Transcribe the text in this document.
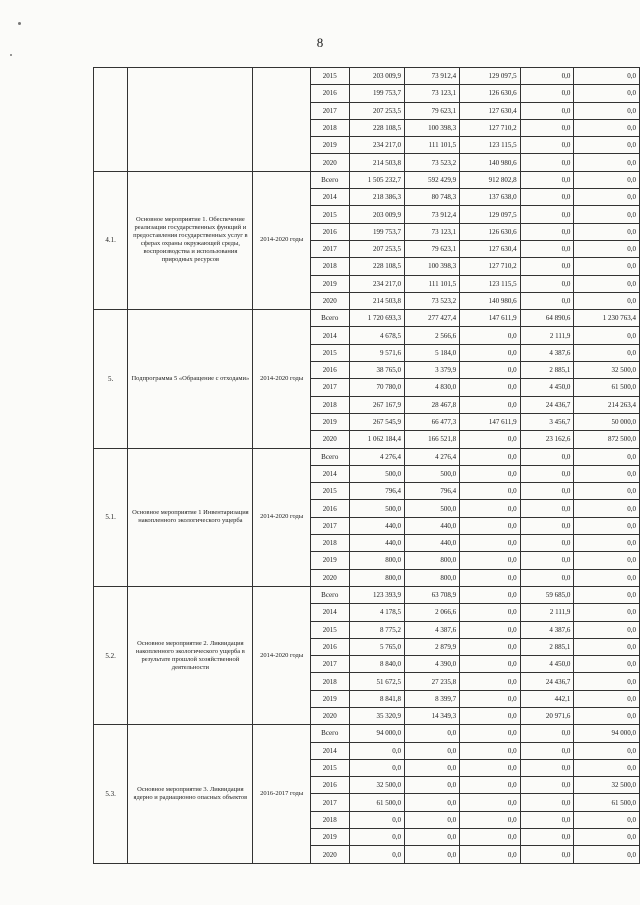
8
			2015	203 009,9	73 912,4	129 097,5	0,0	0,0
			2016	199 753,7	73 123,1	126 630,6	0,0	0,0
			2017	207 253,5	79 623,1	127 630,4	0,0	0,0
			2018	228 108,5	100 398,3	127 710,2	0,0	0,0
			2019	234 217,0	111 101,5	123 115,5	0,0	0,0
			2020	214 503,8	73 523,2	140 980,6	0,0	0,0
4.1.	Основное мероприятие 1. Обеспечение реализации государственных функций и предоставления государственных услуг в сферах охраны окружающей среды, воспроизводства и использования природных ресурсов	2014-2020 годы	Всего	1 505 232,7	592 429,9	912 802,8	0,0	0,0
			2014	218 386,3	80 748,3	137 638,0	0,0	0,0
			2015	203 009,9	73 912,4	129 097,5	0,0	0,0
			2016	199 753,7	73 123,1	126 630,6	0,0	0,0
			2017	207 253,5	79 623,1	127 630,4	0,0	0,0
			2018	228 108,5	100 398,3	127 710,2	0,0	0,0
			2019	234 217,0	111 101,5	123 115,5	0,0	0,0
			2020	214 503,8	73 523,2	140 980,6	0,0	0,0
5.	Подпрограмма 5 «Обращение с отходами»	2014-2020 годы	Всего	1 720 693,3	277 427,4	147 611,9	64 890,6	1 230 763,4
			2014	4 678,5	2 566,6	0,0	2 111,9	0,0
			2015	9 571,6	5 184,0	0,0	4 387,6	0,0
			2016	38 765,0	3 379,9	0,0	2 885,1	32 500,0
			2017	70 780,0	4 830,0	0,0	4 450,0	61 500,0
			2018	267 167,9	28 467,8	0,0	24 436,7	214 263,4
			2019	267 545,9	66 477,3	147 611,9	3 456,7	50 000,0
			2020	1 062 184,4	166 521,8	0,0	23 162,6	872 500,0
5.1.	Основное мероприятие 1 Инвентаризация накопленного экологического ущерба	2014-2020 годы	Всего	4 276,4	4 276,4	0,0	0,0	0,0
			2014	500,0	500,0	0,0	0,0	0,0
			2015	796,4	796,4	0,0	0,0	0,0
			2016	500,0	500,0	0,0	0,0	0,0
			2017	440,0	440,0	0,0	0,0	0,0
			2018	440,0	440,0	0,0	0,0	0,0
			2019	800,0	800,0	0,0	0,0	0,0
			2020	800,0	800,0	0,0	0,0	0,0
5.2.	Основное мероприятие 2. Ликвидация накопленного экологического ущерба в результате прошлой хозяйственной деятельности	2014-2020 годы	Всего	123 393,9	63 708,9	0,0	59 685,0	0,0
			2014	4 178,5	2 066,6	0,0	2 111,9	0,0
			2015	8 775,2	4 387,6	0,0	4 387,6	0,0
			2016	5 765,0	2 879,9	0,0	2 885,1	0,0
			2017	8 840,0	4 390,0	0,0	4 450,0	0,0
			2018	51 672,5	27 235,8	0,0	24 436,7	0,0
			2019	8 841,8	8 399,7	0,0	442,1	0,0
			2020	35 320,9	14 349,3	0,0	20 971,6	0,0
5.3.	Основное мероприятие 3. Ликвидация ядерно и радиационно опасных объектов	2016-2017 годы	Всего	94 000,0	0,0	0,0	0,0	94 000,0
			2014	0,0	0,0	0,0	0,0	0,0
			2015	0,0	0,0	0,0	0,0	0,0
			2016	32 500,0	0,0	0,0	0,0	32 500,0
			2017	61 500,0	0,0	0,0	0,0	61 500,0
			2018	0,0	0,0	0,0	0,0	0,0
			2019	0,0	0,0	0,0	0,0	0,0
			2020	0,0	0,0	0,0	0,0	0,0
